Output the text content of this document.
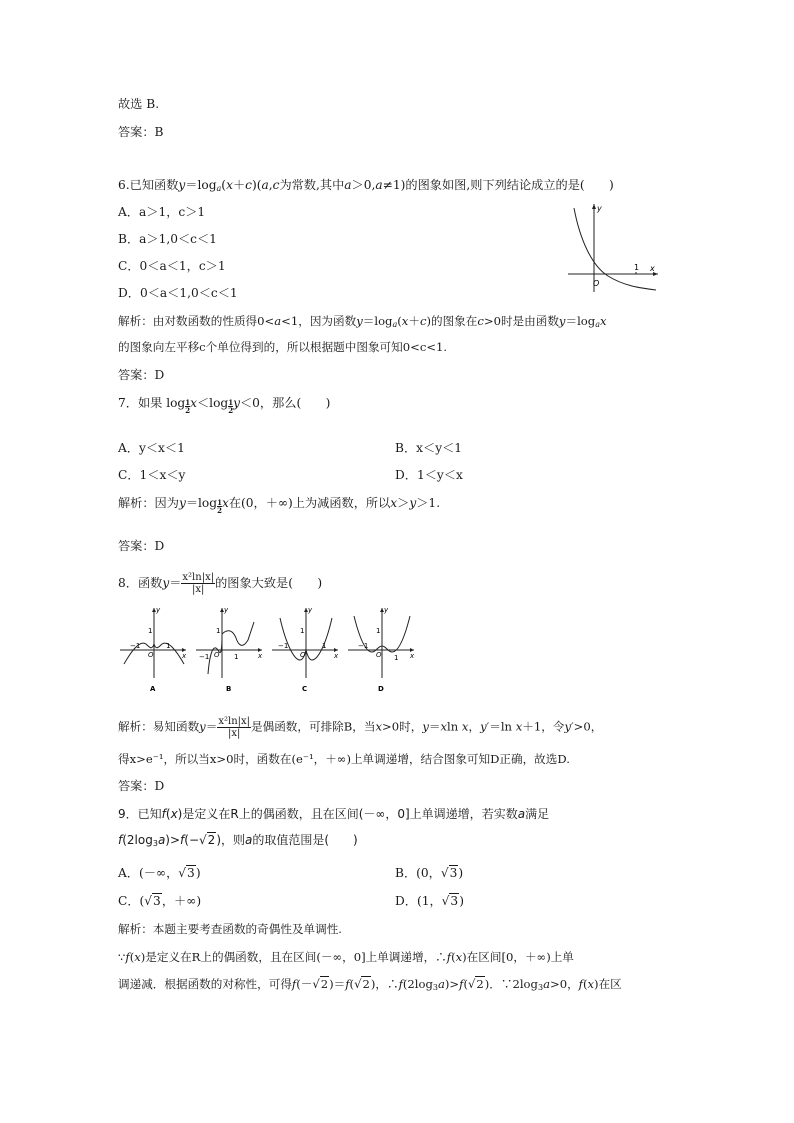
故选 B.
答案：B
6.已知函数$y=\log_a(x+c)(a,c$为常数,其中a＞0,a≠1)的图象如图,则下列结论成立的是(　　)
A．a＞1，c＞1
B．a＞1,0＜c＜1
C．0＜a＜1，c＞1
D．0＜a＜1,0＜c＜1
y
x
O
1
解析：由对数函数的性质得0<a<1，因为函数$y=\log_a(x+c)$的图象在c>0时是由函数$y=\log_ax$
的图象向左平移c个单位得到的，所以根据题中图象可知0<c<1.
答案：D
7．如果 $\log \frac{1}{2} x<\log \frac{1}{2} y<0$，那么(　　)
A．y＜x＜1	B．x＜y＜1
C．1＜x＜y	D．1＜y＜x
解析：因为$y=\log \frac{1}{2}$ x在(0，＋∞)上为减函数，所以x＞y＞1.
答案：D
8．函数$y= \frac{\text{x²ln|x|}}{|x|}$ 的图象大致是(　　)
−1	1
1
y
x
O
A
−1	1
1
y
x
O
B
−1	1
1
y
x
O
C
−1
1
1
y
x
O
D
解析：易知函数$y= \frac{\text{x²ln|x|}}{|x|}$ 是偶函数，可排除B，当x>0时，y＝xln x，y′＝ln x＋1，令y′>0，
得x>e⁻¹，所以当x>0时，函数在(e⁻¹，＋∞)上单调递增，结合图象可知D正确，故选D.
答案：D
9．已知f(x)是定义在R上的偶函数，且在区间(－∞，0]上单调递增，若实数a满足
$f(2\log_3a)>f(-√2)$，则a的取值范围是(　　)
A．(－∞，√3)	B．(0，√3)
C．(√3，＋∞)	D．(1，√3)
解析：本题主要考查函数的奇偶性及单调性.
∵f(x)是定义在R上的偶函数，且在区间(－∞，0]上单调递增，∴f(x)在区间[0，＋∞)上单
调递减．根据函数的对称性，可得f(－√2)＝f(√2)，$\therefore f(2\log_3a)>f(√2)$．$\because 2\log_3a>0$，f(x)在区
